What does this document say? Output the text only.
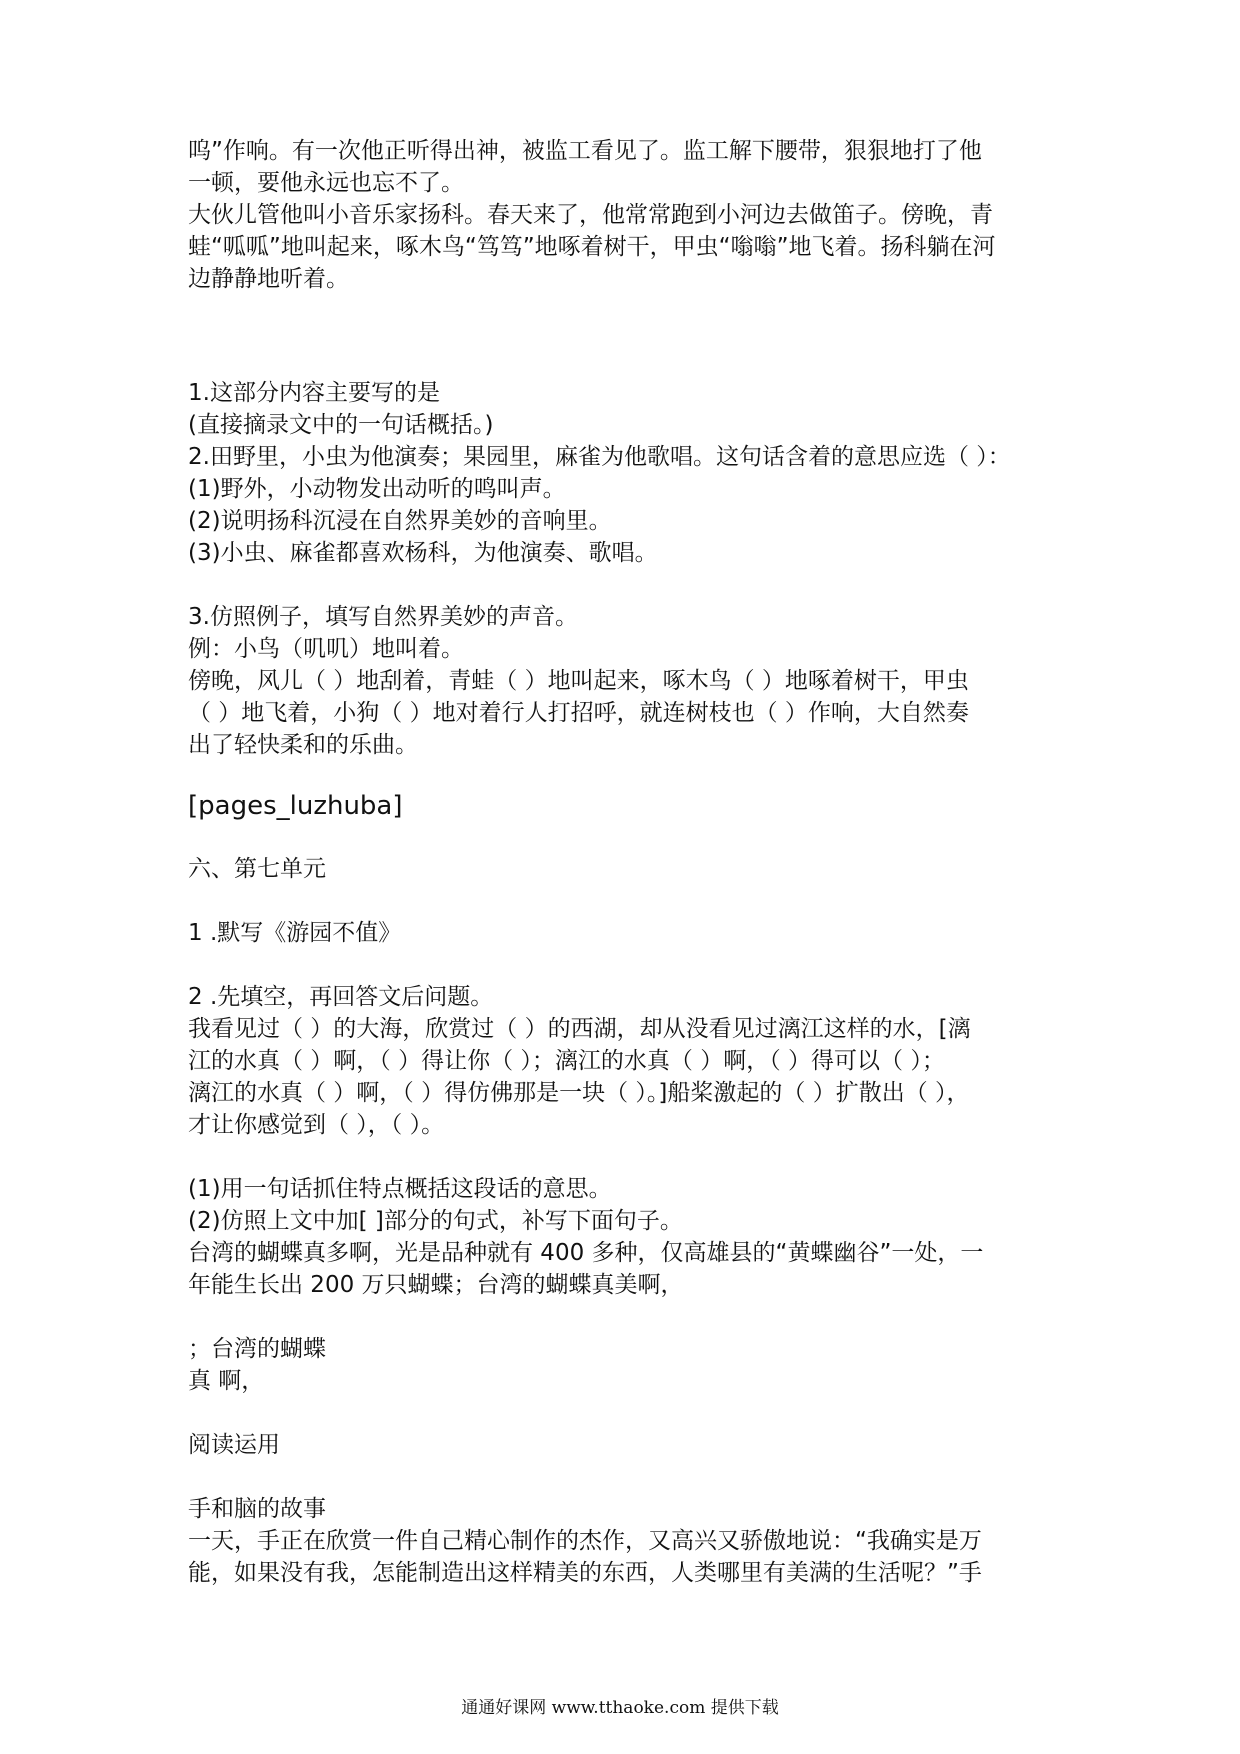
呜”作响。有一次他正听得出神，被监工看见了。监工解下腰带，狠狠地打了他
一顿，要他永远也忘不了。
大伙儿管他叫小音乐家扬科。春天来了，他常常跑到小河边去做笛子。傍晚，青
蛙“呱呱”地叫起来，啄木鸟“笃笃”地啄着树干，甲虫“嗡嗡”地飞着。扬科躺在河
边静静地听着。
1.这部分内容主要写的是
(直接摘录文中的一句话概括。)
2.田野里，小虫为他演奏；果园里，麻雀为他歌唱。这句话含着的意思应选（ ）：
(1)野外，小动物发出动听的鸣叫声。
(2)说明扬科沉浸在自然界美妙的音响里。
(3)小虫、麻雀都喜欢杨科，为他演奏、歌唱。
3.仿照例子，填写自然界美妙的声音。
例：小鸟（叽叽）地叫着。
傍晚，风儿（ ）地刮着，青蛙（ ）地叫起来，啄木鸟（ ）地啄着树干，甲虫
（ ）地飞着，小狗（ ）地对着行人打招呼，就连树枝也（ ）作响，大自然奏
出了轻快柔和的乐曲。
[pages_luzhuba]
六、第七单元
1 .默写《游园不值》
2 .先填空，再回答文后问题。
我看见过（ ）的大海，欣赏过（ ）的西湖，却从没看见过漓江这样的水，[漓
江的水真（ ）啊，（ ）得让你（ ）；漓江的水真（ ）啊，（ ）得可以（ ）；
漓江的水真（ ）啊，（ ）得仿佛那是一块（ ）。]船桨激起的（ ）扩散出（ ），
才让你感觉到（ ），（ ）。
(1)用一句话抓住特点概括这段话的意思。
(2)仿照上文中加[ ]部分的句式，补写下面句子。
台湾的蝴蝶真多啊，光是品种就有 400 多种，仅高雄县的“黄蝶幽谷”一处，一
年能生长出 200 万只蝴蝶；台湾的蝴蝶真美啊，
；台湾的蝴蝶
真 啊，
阅读运用
手和脑的故事
一天，手正在欣赏一件自己精心制作的杰作，又高兴又骄傲地说：“我确实是万
能，如果没有我，怎能制造出这样精美的东西，人类哪里有美满的生活呢？”手
通通好课网 www.tthaoke.com 提供下载
